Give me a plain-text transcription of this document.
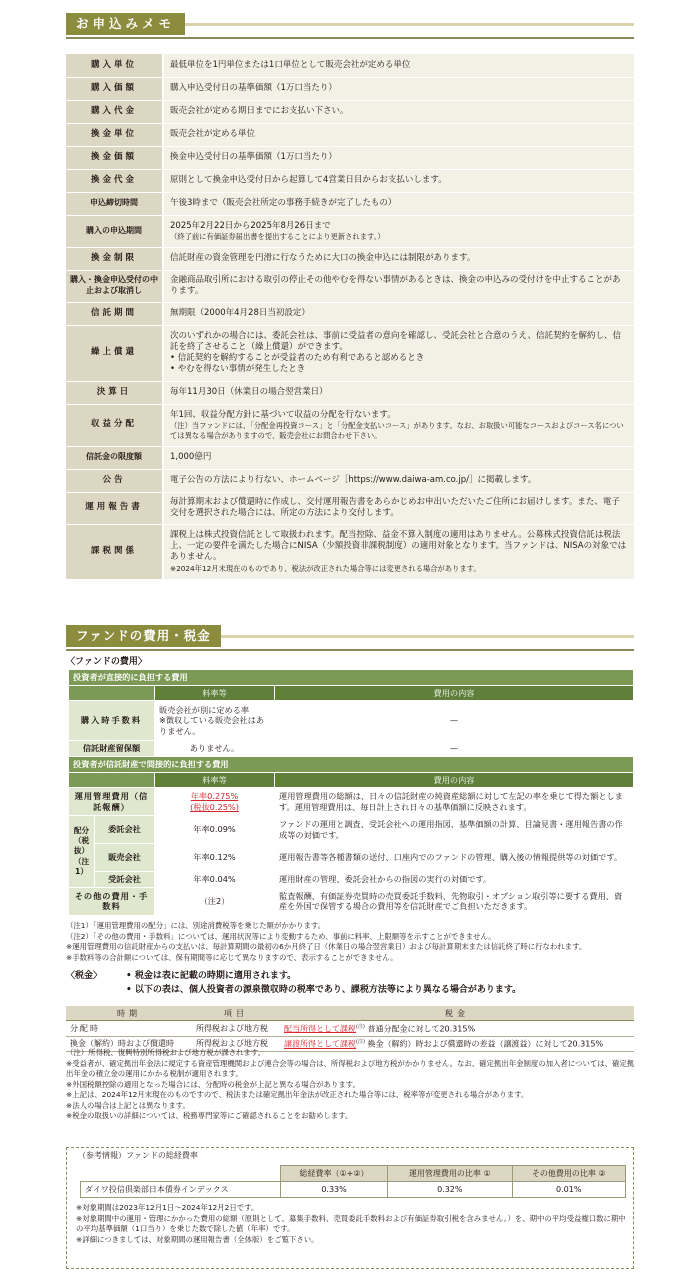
お申込みメモ
購入単位	最低単位を1円単位または1口単位として販売会社が定める単位
購入価額	購入申込受付日の基準価額（1万口当たり）
購入代金	販売会社が定める期日までにお支払い下さい。
換金単位	販売会社が定める単位
換金価額	換金申込受付日の基準価額（1万口当たり）
換金代金	原則として換金申込受付日から起算して4営業日目からお支払いします。
申込締切時間	午後3時まで（販売会社所定の事務手続きが完了したもの）
購入の申込期間	2025年2月22日から2025年8月26日まで
（終了前に有価証券届出書を提出することにより更新されます。）

換金制限	信託財産の資金管理を円滑に行なうために大口の換金申込には制限があります。
購入・換金申込受付の中止および取消し	金融商品取引所における取引の停止その他やむを得ない事情があるときは、換金の申込みの受付けを中止することがあります。
信託期間	無期限（2000年4月28日当初設定）
繰上償還	次のいずれかの場合には、委託会社は、事前に受益者の意向を確認し、受託会社と合意のうえ、信託契約を解約し、信託を終了させること（繰上償還）ができます。
• 信託契約を解約することが受益者のため有利であると認めるとき
• やむを得ない事情が発生したとき

決算日	毎年11月30日（休業日の場合翌営業日）
収益分配	年1回、収益分配方針に基づいて収益の分配を行ないます。
（注）当ファンドには、「分配金再投資コース」と「分配金支払いコース」があります。なお、お取扱い可能なコースおよびコース名については異なる場合がありますので、販売会社にお問合わせ下さい。

信託金の限度額	1,000億円
公告	電子公告の方法により行ない、ホームページ［https://www.daiwa-am.co.jp/］に掲載します。
運用報告書	毎計算期末および償還時に作成し、交付運用報告書をあらかじめお申出いただいたご住所にお届けします。また、電子交付を選択された場合には、所定の方法により交付します。
課税関係	課税上は株式投資信託として取扱われます。配当控除、益金不算入制度の適用はありません。公募株式投資信託は税法上、一定の要件を満たした場合にNISA（少額投資非課税制度）の適用対象となります。当ファンドは、NISAの対象ではありません。
※2024年12月末現在のものであり、税法が改正された場合等には変更される場合があります。
ファンドの費用・税金
〈ファンドの費用〉
投資者が直接的に負担する費用			
		料率等	費用の内容
購入時手数料		販売会社が別に定める率
※徴収している販売会社はありません。	—
信託財産留保額		ありません。	—
投資者が信託財産で間接的に負担する費用			
		料率等	費用の内容
運用管理費用（信託報酬）		年率0.275%
(税抜0.25%)	運用管理費用の総額は、日々の信託財産の純資産総額に対して左記の率を乗じて得た額とします。運用管理費用は、毎日計上され日々の基準価額に反映されます。
配分（税抜）（注1）	委託会社	年率0.09%	ファンドの運用と調査、受託会社への運用指図、基準価額の計算、目論見書・運用報告書の作成等の対価です。
	販売会社	年率0.12%	運用報告書等各種書類の送付、口座内でのファンドの管理、購入後の情報提供等の対価です。
	受託会社	年率0.04%	運用財産の管理、委託会社からの指図の実行の対価です。
その他の費用・手数料		（注2）	監査報酬、有価証券売買時の売買委託手数料、先物取引・オプション取引等に要する費用、資産を外国で保管する場合の費用等を信託財産でご負担いただきます。
（注1）「運用管理費用の配分」には、別途消費税等を乗じた額がかかります。
（注2）「その他の費用・手数料」については、運用状況等により変動するため、事前に料率、上限額等を示すことができません。
※運用管理費用の信託財産からの支払いは、毎計算期間の最初の6か月終了日（休業日の場合翌営業日）および毎計算期末または信託終了時に行なわれます。
※手数料等の合計額については、保有期間等に応じて異なりますので、表示することができません。
〈税金〉	• 税金は表に記載の時期に適用されます。
• 以下の表は、個人投資者の源泉徴収時の税率であり、課税方法等により異なる場合があります。
時期	項目	税金
分配時	所得税および地方税	配当所得として課税$^{(注)}$ 普通分配金に対して20.315%
換金（解約）時および償還時	所得税および地方税	譲渡所得として課税$^{(注)}$ 換金（解約）時および償還時の差益（譲渡益）に対して20.315%
（注）所得税、復興特別所得税および地方税が課されます。
※受益者が、確定拠出年金法に規定する資産管理機関および連合会等の場合は、所得税および地方税がかかりません。なお、確定拠出年金制度の加入者については、確定拠出年金の積立金の運用にかかる税制が適用されます。
※外国税額控除の適用となった場合には、分配時の税金が上記と異なる場合があります。
※上記は、2024年12月末現在のものですので、税法または確定拠出年金法が改正された場合等には、税率等が変更される場合があります。
※法人の場合は上記とは異なります。
※税金の取扱いの詳細については、税務専門家等にご確認されることをお勧めします。
（参考情報）ファンドの総経費率
	総経費率（①+②）	運用管理費用の比率 ①	その他費用の比率 ②
ダイワ投信倶楽部日本債券インデックス	0.33%	0.32%	0.01%
※対象期間は2023年12月1日～2024年12月2日です。
※対象期間中の運用・管理にかかった費用の総額（原則として、募集手数料、売買委託手数料および有価証券取引税を含みません。）を、期中の平均受益権口数に期中の平均基準価額（1口当り）を乗じた数で除した値（年率）です。
※詳細につきましては、対象期間の運用報告書（全体版）をご覧下さい。
